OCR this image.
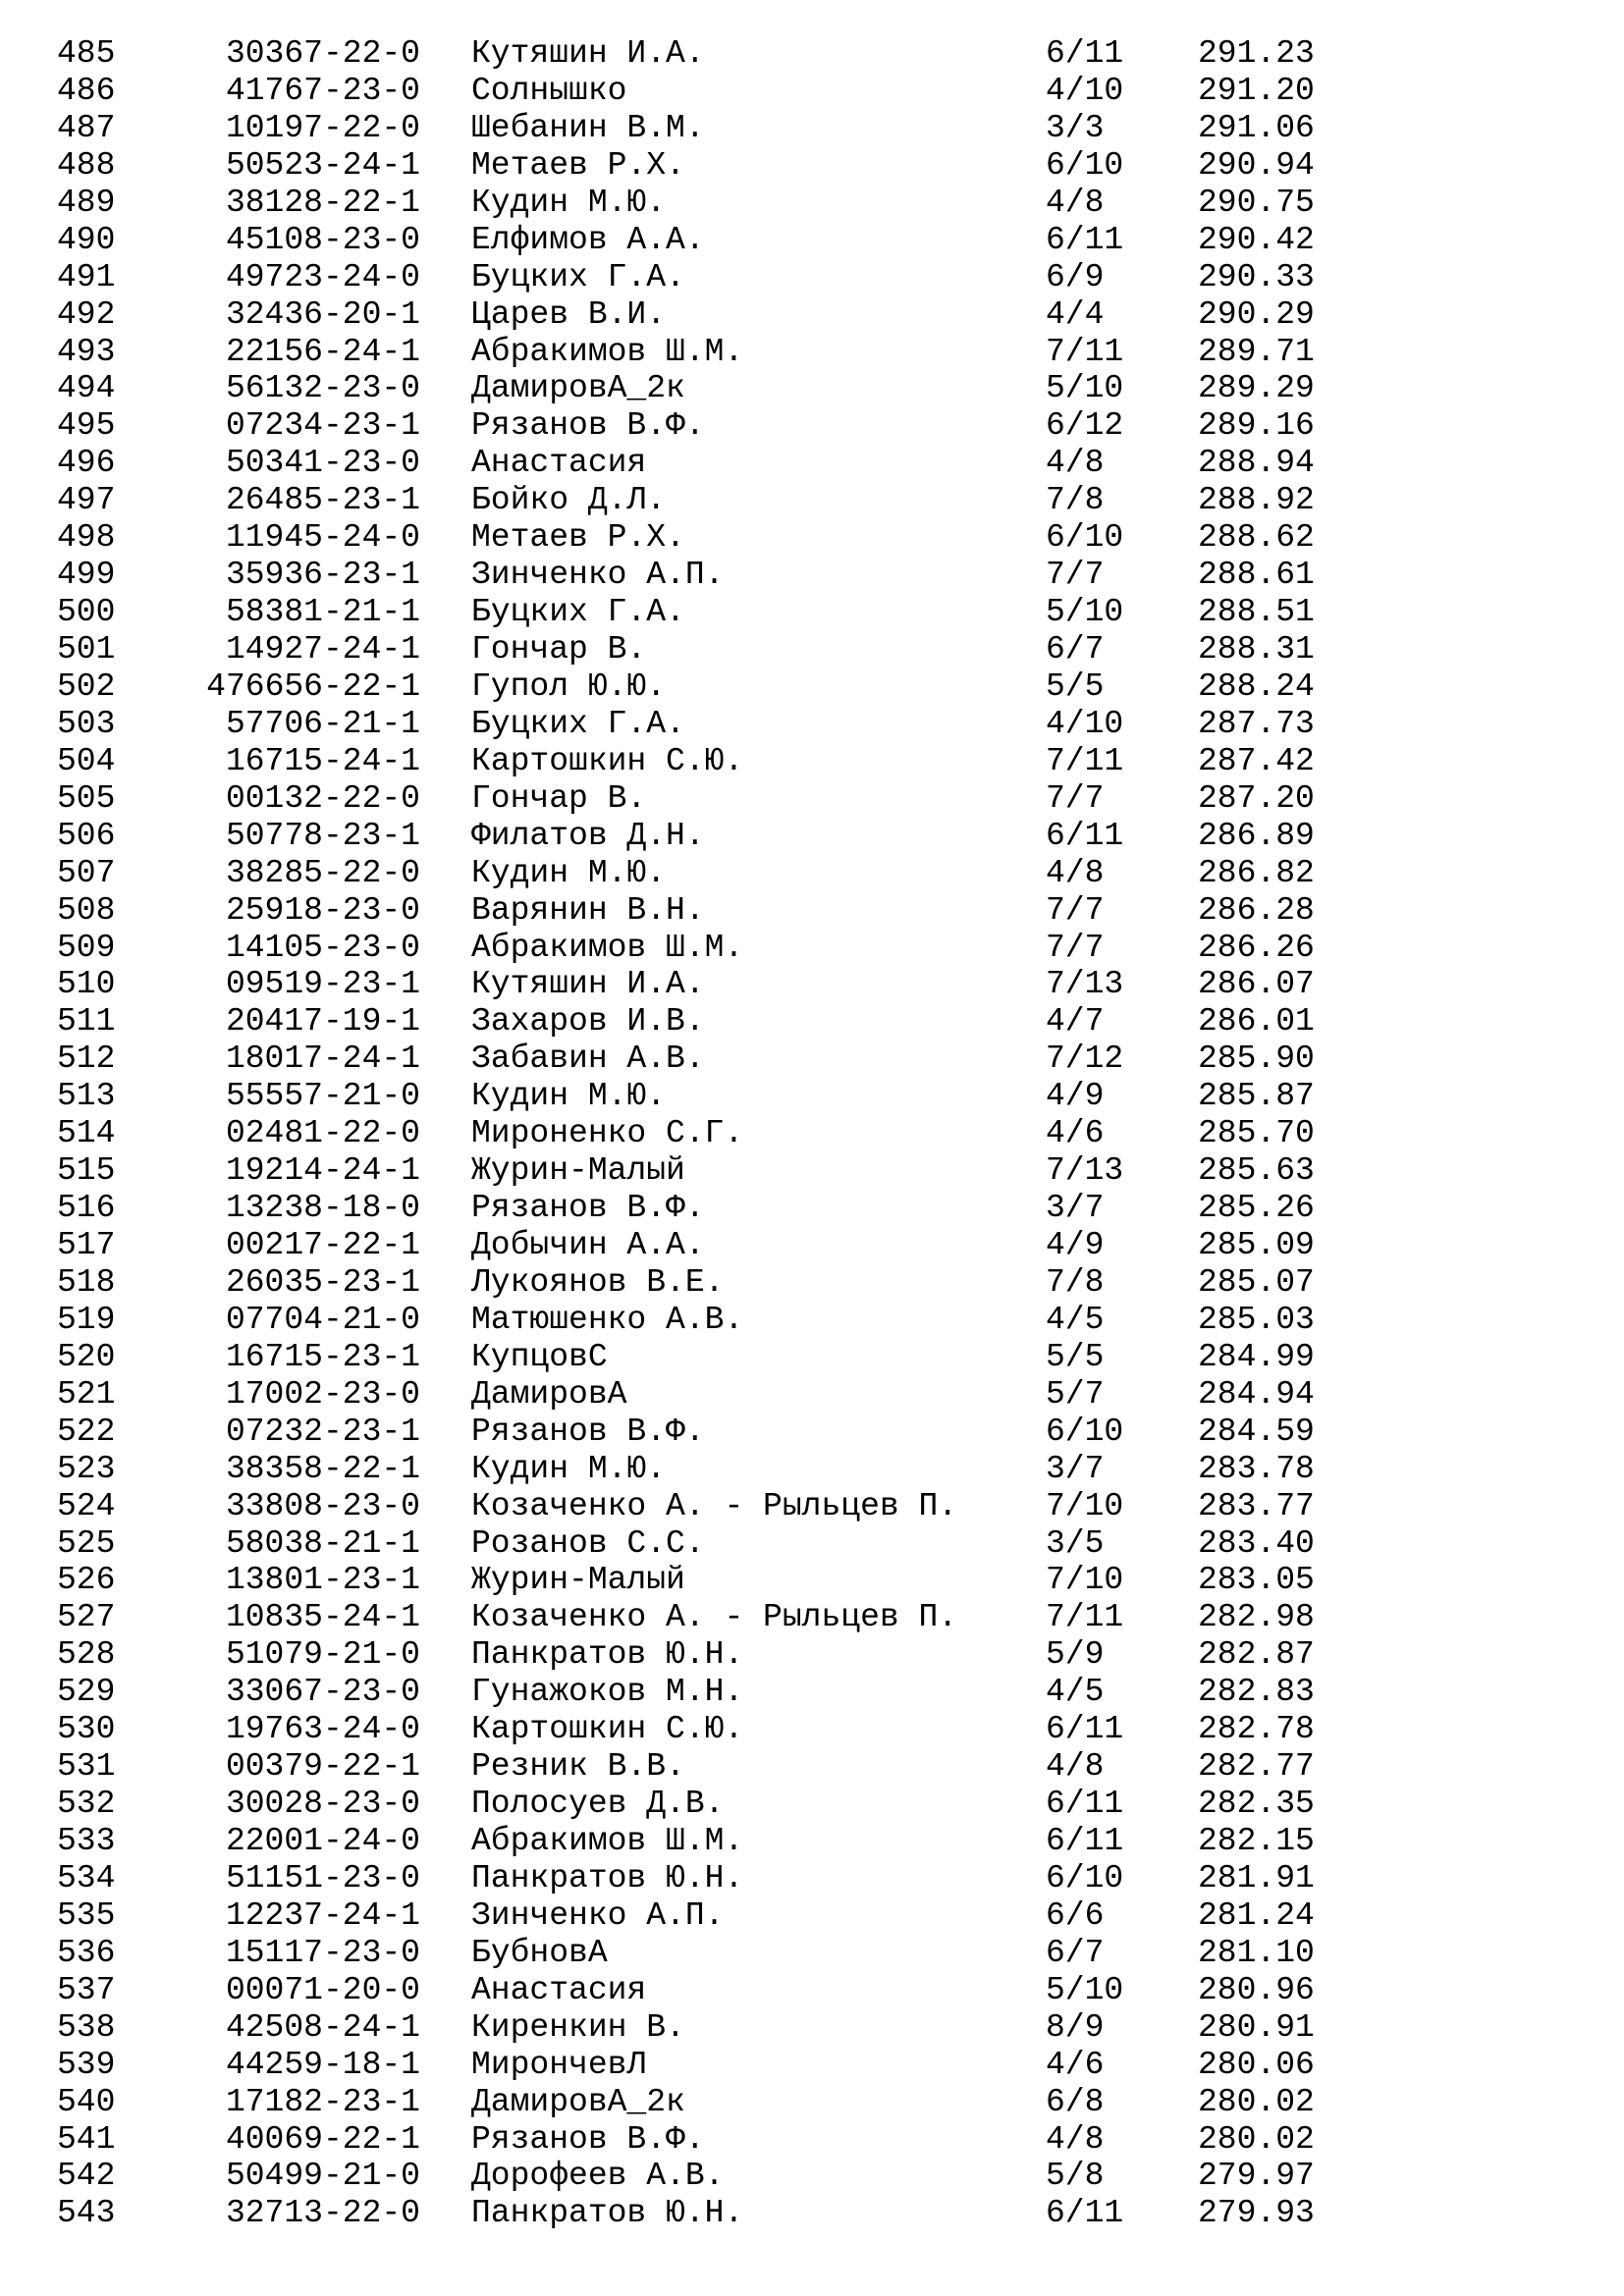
485	30367-22-0	Кутяшин И.А.	6/11	291.23
486	41767-23-0	Солнышко	4/10	291.20
487	10197-22-0	Шебанин В.М.	3/3	291.06
488	50523-24-1	Метаев Р.Х.	6/10	290.94
489	38128-22-1	Кудин М.Ю.	4/8	290.75
490	45108-23-0	Елфимов А.А.	6/11	290.42
491	49723-24-0	Буцких Г.А.	6/9	290.33
492	32436-20-1	Царев В.И.	4/4	290.29
493	22156-24-1	Абракимов Ш.М.	7/11	289.71
494	56132-23-0	ДамировА_2к	5/10	289.29
495	07234-23-1	Рязанов В.Ф.	6/12	289.16
496	50341-23-0	Анастасия	4/8	288.94
497	26485-23-1	Бойко Д.Л.	7/8	288.92
498	11945-24-0	Метаев Р.Х.	6/10	288.62
499	35936-23-1	Зинченко А.П.	7/7	288.61
500	58381-21-1	Буцких Г.А.	5/10	288.51
501	14927-24-1	Гончар В.	6/7	288.31
502	476656-22-1	Гупол Ю.Ю.	5/5	288.24
503	57706-21-1	Буцких Г.А.	4/10	287.73
504	16715-24-1	Картошкин С.Ю.	7/11	287.42
505	00132-22-0	Гончар В.	7/7	287.20
506	50778-23-1	Филатов Д.Н.	6/11	286.89
507	38285-22-0	Кудин М.Ю.	4/8	286.82
508	25918-23-0	Варянин В.Н.	7/7	286.28
509	14105-23-0	Абракимов Ш.М.	7/7	286.26
510	09519-23-1	Кутяшин И.А.	7/13	286.07
511	20417-19-1	Захаров И.В.	4/7	286.01
512	18017-24-1	Забавин А.В.	7/12	285.90
513	55557-21-0	Кудин М.Ю.	4/9	285.87
514	02481-22-0	Мироненко С.Г.	4/6	285.70
515	19214-24-1	Журин-Малый	7/13	285.63
516	13238-18-0	Рязанов В.Ф.	3/7	285.26
517	00217-22-1	Добычин А.А.	4/9	285.09
518	26035-23-1	Лукоянов В.Е.	7/8	285.07
519	07704-21-0	Матюшенко А.В.	4/5	285.03
520	16715-23-1	КупцовС	5/5	284.99
521	17002-23-0	ДамировА	5/7	284.94
522	07232-23-1	Рязанов В.Ф.	6/10	284.59
523	38358-22-1	Кудин М.Ю.	3/7	283.78
524	33808-23-0	Козаченко А. - Рыльцев П.	7/10	283.77
525	58038-21-1	Розанов С.С.	3/5	283.40
526	13801-23-1	Журин-Малый	7/10	283.05
527	10835-24-1	Козаченко А. - Рыльцев П.	7/11	282.98
528	51079-21-0	Панкратов Ю.Н.	5/9	282.87
529	33067-23-0	Гунажоков М.Н.	4/5	282.83
530	19763-24-0	Картошкин С.Ю.	6/11	282.78
531	00379-22-1	Резник В.В.	4/8	282.77
532	30028-23-0	Полосуев Д.В.	6/11	282.35
533	22001-24-0	Абракимов Ш.М.	6/11	282.15
534	51151-23-0	Панкратов Ю.Н.	6/10	281.91
535	12237-24-1	Зинченко А.П.	6/6	281.24
536	15117-23-0	БубновА	6/7	281.10
537	00071-20-0	Анастасия	5/10	280.96
538	42508-24-1	Киренкин В.	8/9	280.91
539	44259-18-1	МирончевЛ	4/6	280.06
540	17182-23-1	ДамировА_2к	6/8	280.02
541	40069-22-1	Рязанов В.Ф.	4/8	280.02
542	50499-21-0	Дорофеев А.В.	5/8	279.97
543	32713-22-0	Панкратов Ю.Н.	6/11	279.93
